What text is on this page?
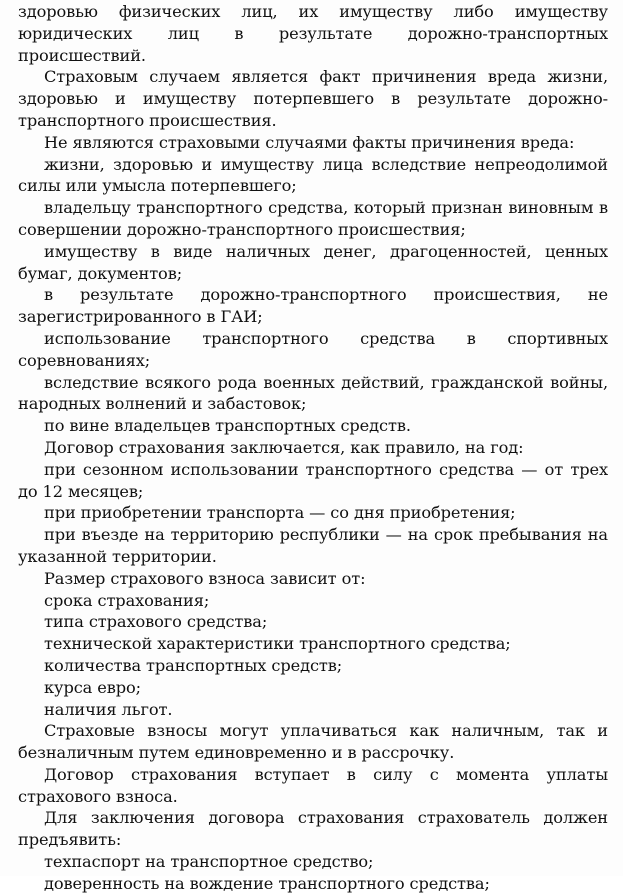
здоровью физических лиц, их имуществу либо имуществу юридических лиц в результате дорожно-транспортных происшествий.

Страховым случаем является факт причинения вреда жизни, здоровью и имуществу потерпевшего в результате дорожно-транспортного происшествия.

Не являются страховыми случаями факты причинения вреда:

жизни, здоровью и имуществу лица вследствие непреодолимой силы или умысла потерпевшего;

владельцу транспортного средства, который признан виновным в совершении дорожно-транспортного происшествия;

имуществу в виде наличных денег, драгоценностей, ценных бумаг, документов;

в результате дорожно-транспортного происшествия, не зарегистрированного в ГАИ;

использование транспортного средства в спортивных соревнованиях;

вследствие всякого рода военных действий, гражданской войны, народных волнений и забастовок;

по вине владельцев транспортных средств.

Договор страхования заключается, как правило, на год:

при сезонном использовании транспортного средства — от трех до 12 месяцев;

при приобретении транспорта — со дня приобретения;

при въезде на территорию республики — на срок пребывания на указанной территории.

Размер страхового взноса зависит от:

срока страхования;

типа страхового средства;

технической характеристики транспортного средства;

количества транспортных средств;

курса евро;

наличия льгот.

Страховые взносы могут уплачиваться как наличным, так и безналичным путем единовременно и в рассрочку.

Договор страхования вступает в силу с момента уплаты страхового взноса.

Для заключения договора страхования страхователь должен предъявить:

техпаспорт на транспортное средство;

доверенность на вождение транспортного средства;
